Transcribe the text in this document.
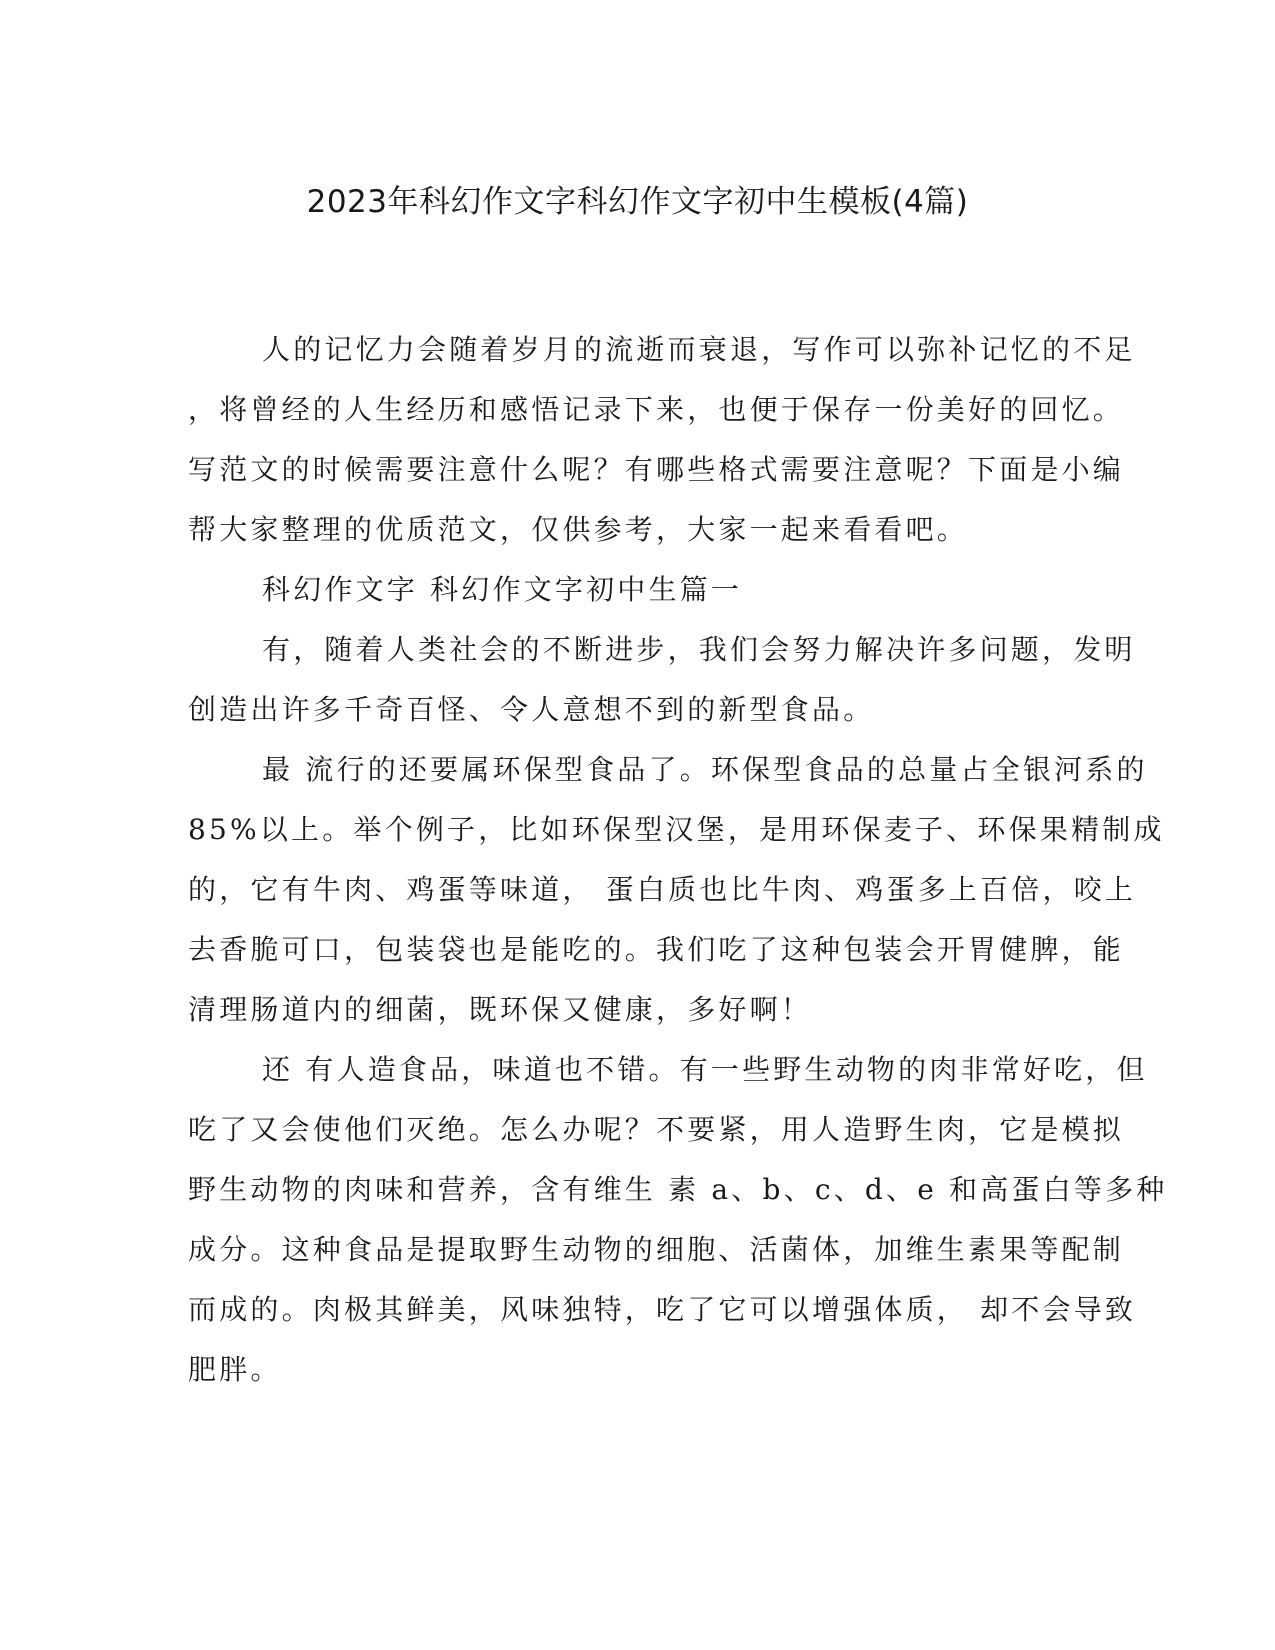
2023年科幻作文字科幻作文字初中生模板(4篇)

人的记忆力会随着岁月的流逝而衰退，写作可以弥补记忆的不足

，将曾经的人生经历和感悟记录下来，也便于保存一份美好的回忆。

写范文的时候需要注意什么呢？有哪些格式需要注意呢？下面是小编

帮大家整理的优质范文，仅供参考，大家一起来看看吧。

科幻作文字 科幻作文字初中生篇一

有，随着人类社会的不断进步，我们会努力解决许多问题，发明

创造出许多千奇百怪、令人意想不到的新型食品。

最 流行的还要属环保型食品了。环保型食品的总量占全银河系的

85%以上。举个例子，比如环保型汉堡，是用环保麦子、环保果精制成

的，它有牛肉、鸡蛋等味道， 蛋白质也比牛肉、鸡蛋多上百倍，咬上

去香脆可口，包装袋也是能吃的。我们吃了这种包装会开胃健脾，能

清理肠道内的细菌，既环保又健康，多好啊！

还 有人造食品，味道也不错。有一些野生动物的肉非常好吃，但

吃了又会使他们灭绝。怎么办呢？不要紧，用人造野生肉，它是模拟

野生动物的肉味和营养，含有维生 素 a、b、c、d、e 和高蛋白等多种

成分。这种食品是提取野生动物的细胞、活菌体，加维生素果等配制

而成的。肉极其鲜美，风味独特，吃了它可以增强体质， 却不会导致

肥胖。
